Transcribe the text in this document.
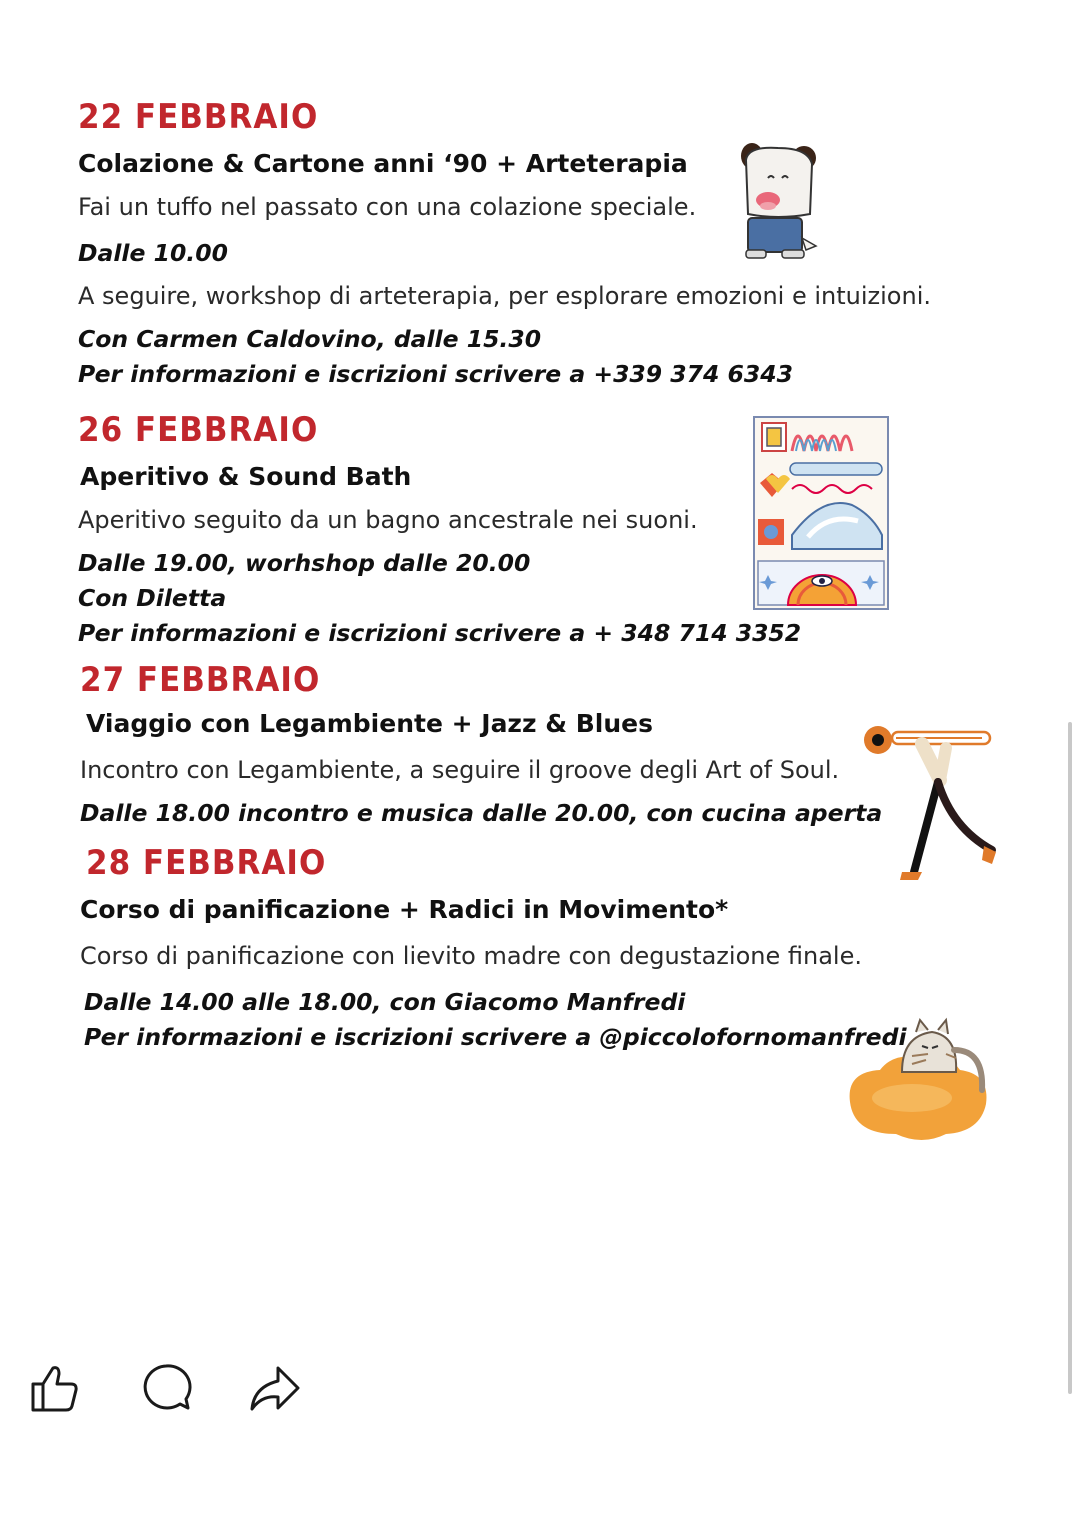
22 FEBBRAIO
Colazione & Cartone anni ‘90 + Arteterapia
Fai un tuffo nel passato con una colazione speciale.
Dalle 10.00
A seguire, workshop di arteterapia, per esplorare emozioni e intuizioni.
Con Carmen Caldovino, dalle 15.30
Per informazioni e iscrizioni scrivere a +339 374 6343
26 FEBBRAIO
Aperitivo & Sound Bath
Aperitivo seguito da un bagno ancestrale nei suoni.
Dalle 19.00, worhshop dalle 20.00
Con Diletta
Per informazioni e iscrizioni scrivere a + 348 714 3352
27 FEBBRAIO
Viaggio con Legambiente + Jazz & Blues
Incontro con Legambiente, a seguire il groove degli Art of Soul.
Dalle 18.00 incontro e musica dalle 20.00, con cucina aperta
28 FEBBRAIO
Corso di panificazione + Radici in Movimento*
Corso di panificazione con lievito madre con degustazione finale.
Dalle 14.00 alle 18.00, con Giacomo Manfredi
Per informazioni e iscrizioni scrivere a @piccolofornomanfredi
